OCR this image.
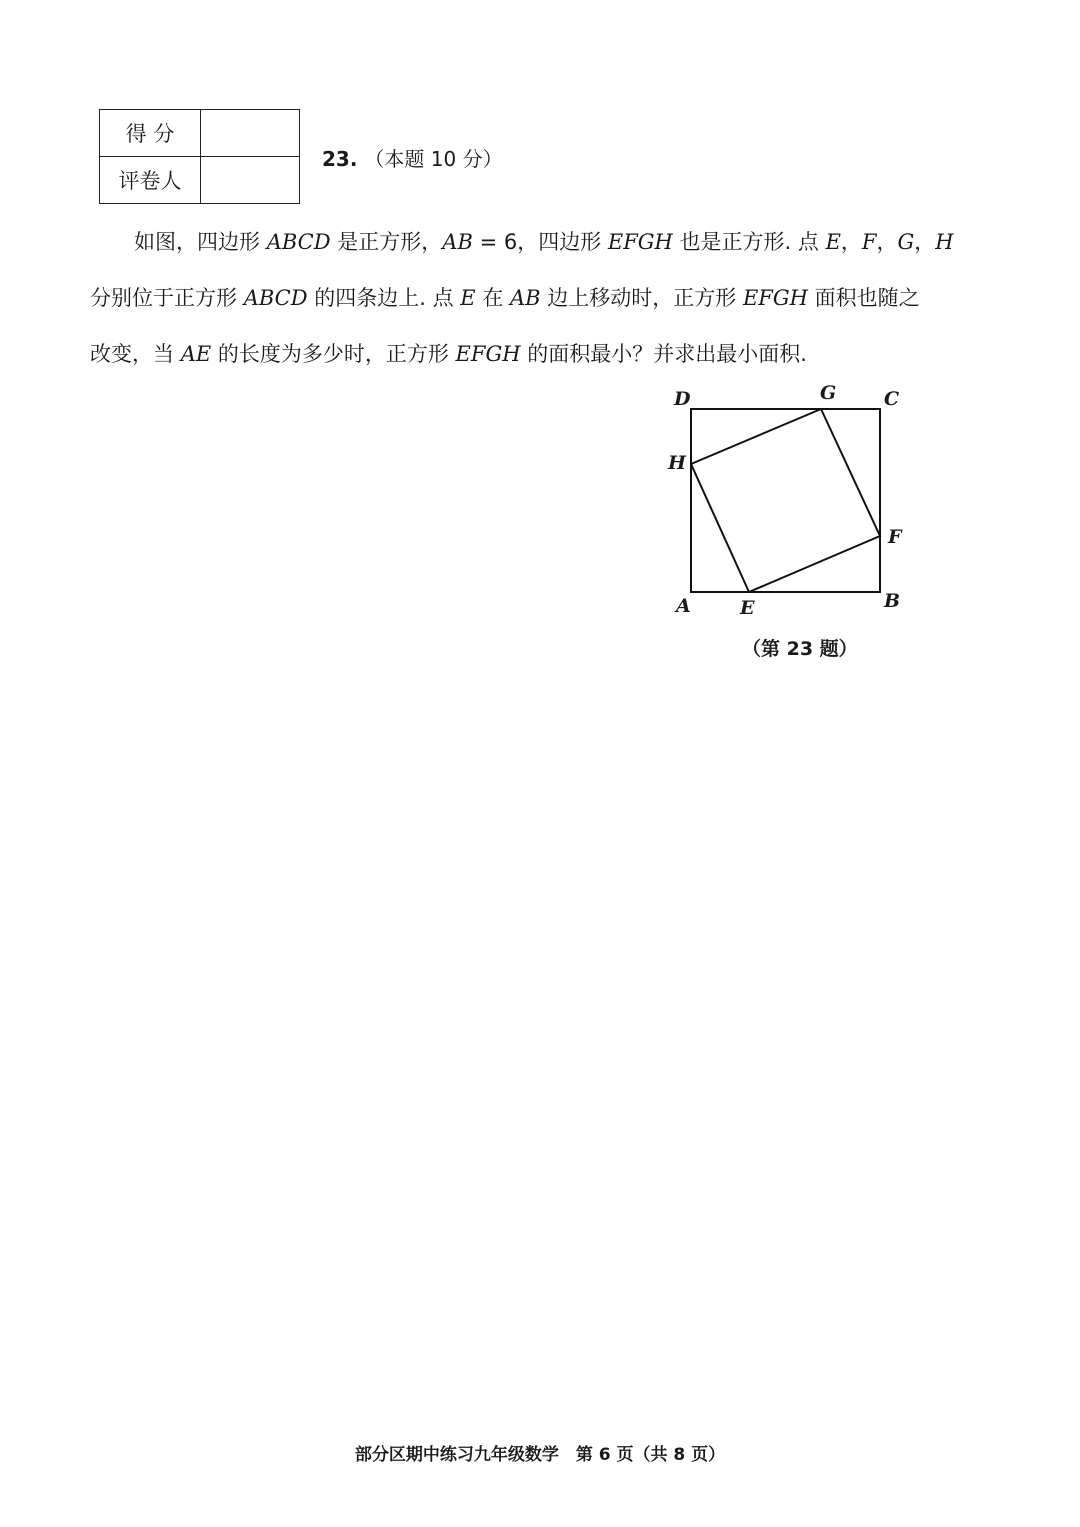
得 分	
评卷人	
23. （本题 10 分）
如图，四边形 ABCD 是正方形，AB = 6，四边形 EFGH 也是正方形. 点 E，F，G，H
分别位于正方形 ABCD 的四条边上. 点 E 在 AB 边上移动时，正方形 EFGH 面积也随之
改变，当 AE 的长度为多少时，正方形 EFGH 的面积最小？并求出最小面积.
D	G	C
H
F
A	E	B
（第 23 题）
部分区期中练习九年级数学　第 6 页（共 8 页）
